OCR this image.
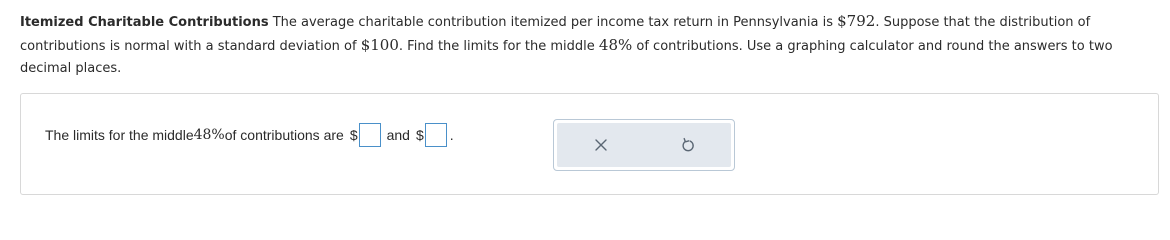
Itemized Charitable Contributions The average charitable contribution itemized per income tax return in Pennsylvania is $792. Suppose that the distribution of contributions is normal with a standard deviation of $100. Find the limits for the middle 48% of contributions. Use a graphing calculator and round the answers to two decimal places.
The limits for the middle 48% of contributions are $ and $ .
